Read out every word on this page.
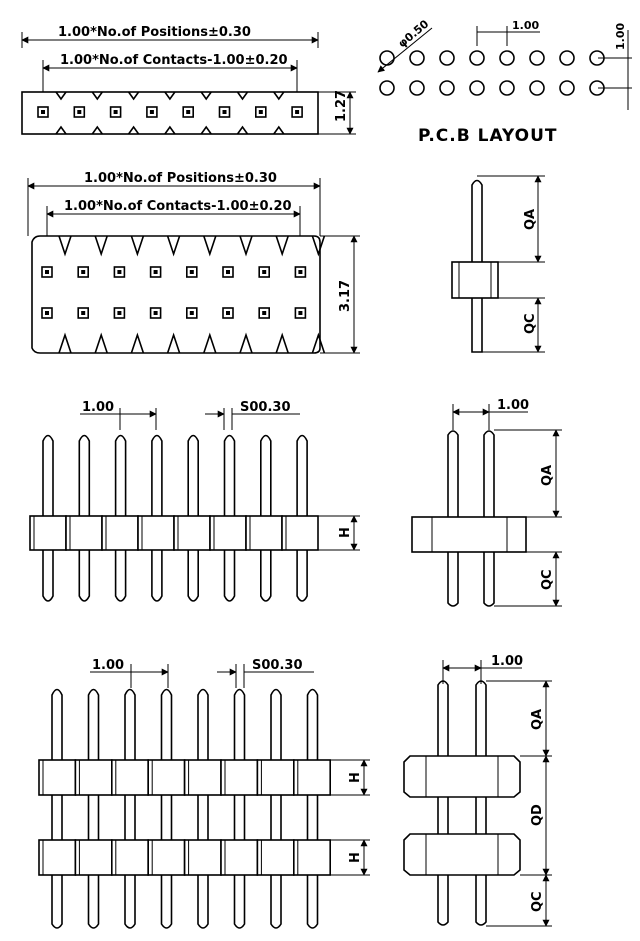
1.00*No.of Positions±0.30
1.00*No.of Contacts-1.00±0.20
1.27
φ0.50	1.00	1.00
P.C.B LAYOUT
1.00*No.of Positions±0.30
1.00*No.of Contacts-1.00±0.20
3.17
QA
QC
1.00	S00.30
H
1.00
QA
QC
1.00	S00.30
H
H
1.00
QA
QD
QC
